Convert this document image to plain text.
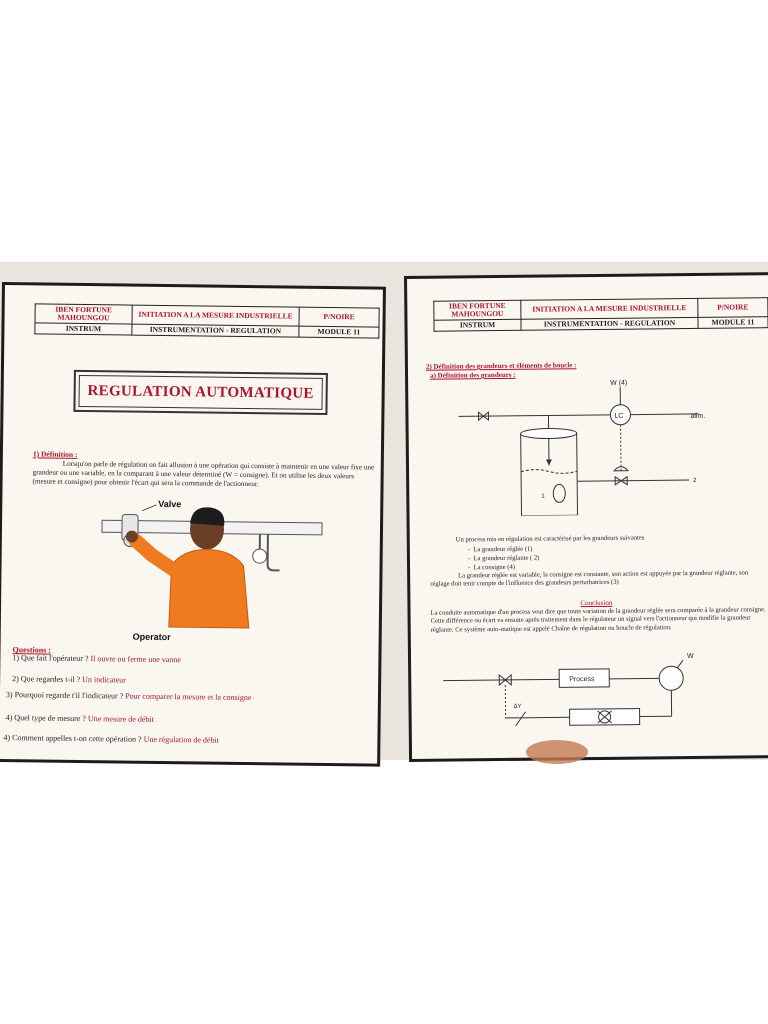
IBEN FORTUNE MAHOUNGOU	INITIATION A LA MESURE INDUSTRIELLE	P/NOIRE
INSTRUM	INSTRUMENTATION - REGULATION	MODULE 11
REGULATION AUTOMATIQUE
1) Définition :
Lorsqu'on parle de régulation on fait allusion à une opération qui consiste à maintenir en une valeur fixe une grandeur ou une variable, en la comparant à une valeur déterminé (W = consigne). Et on utilise les deux valeurs (mesure et consigne) pour obtenir l'écart qui sera la commande de l'actionneur.
Valve
Operator
Questions :
1) Que fait l'opérateur ? Il ouvre ou ferme une vanne
2) Que regardes t-il ? Un indicateur
3) Pourquoi regarde t'il l'indicateur ? Pour comparer la mesure et la consigne
4) Quel type de mesure ? Une mesure de débit
4) Comment appelles t-on cette opération ? Une régulation de débit
IBEN FORTUNE MAHOUNGOU	INITIATION A LA MESURE INDUSTRIELLE	P/NOIRE
INSTRUM	INSTRUMENTATION - REGULATION	MODULE 11
2) Définition des grandeurs et éléments de boucle :
a) Définition des grandeurs :
W (4)
LC	alim.
1
2
Un process mis en régulation est caractérisé par les grandeurs suivantes
-  La grandeur réglée (1)
-  La grandeur réglante ( 2)
-  La consigne (4)
La grandeur réglée est variable, la consigne est constante, son action est appuyée par la grandeur réglante, son réglage doit tenir compte de l'influence des grandeurs perturbatrices (3)
Conclusion
La conduite automatique d'un process veut dire que toute variation de la grandeur réglée sera comparée à la grandeur consigne. Cette différence ou écart va ensuite après traitement dans le régulateur un signal vers l'actionneur qui modifie la grandeur réglante. Ce système auto-matique est appelé Chaîne de régulation ou boucle de régulation.
W
Process
ΔY
